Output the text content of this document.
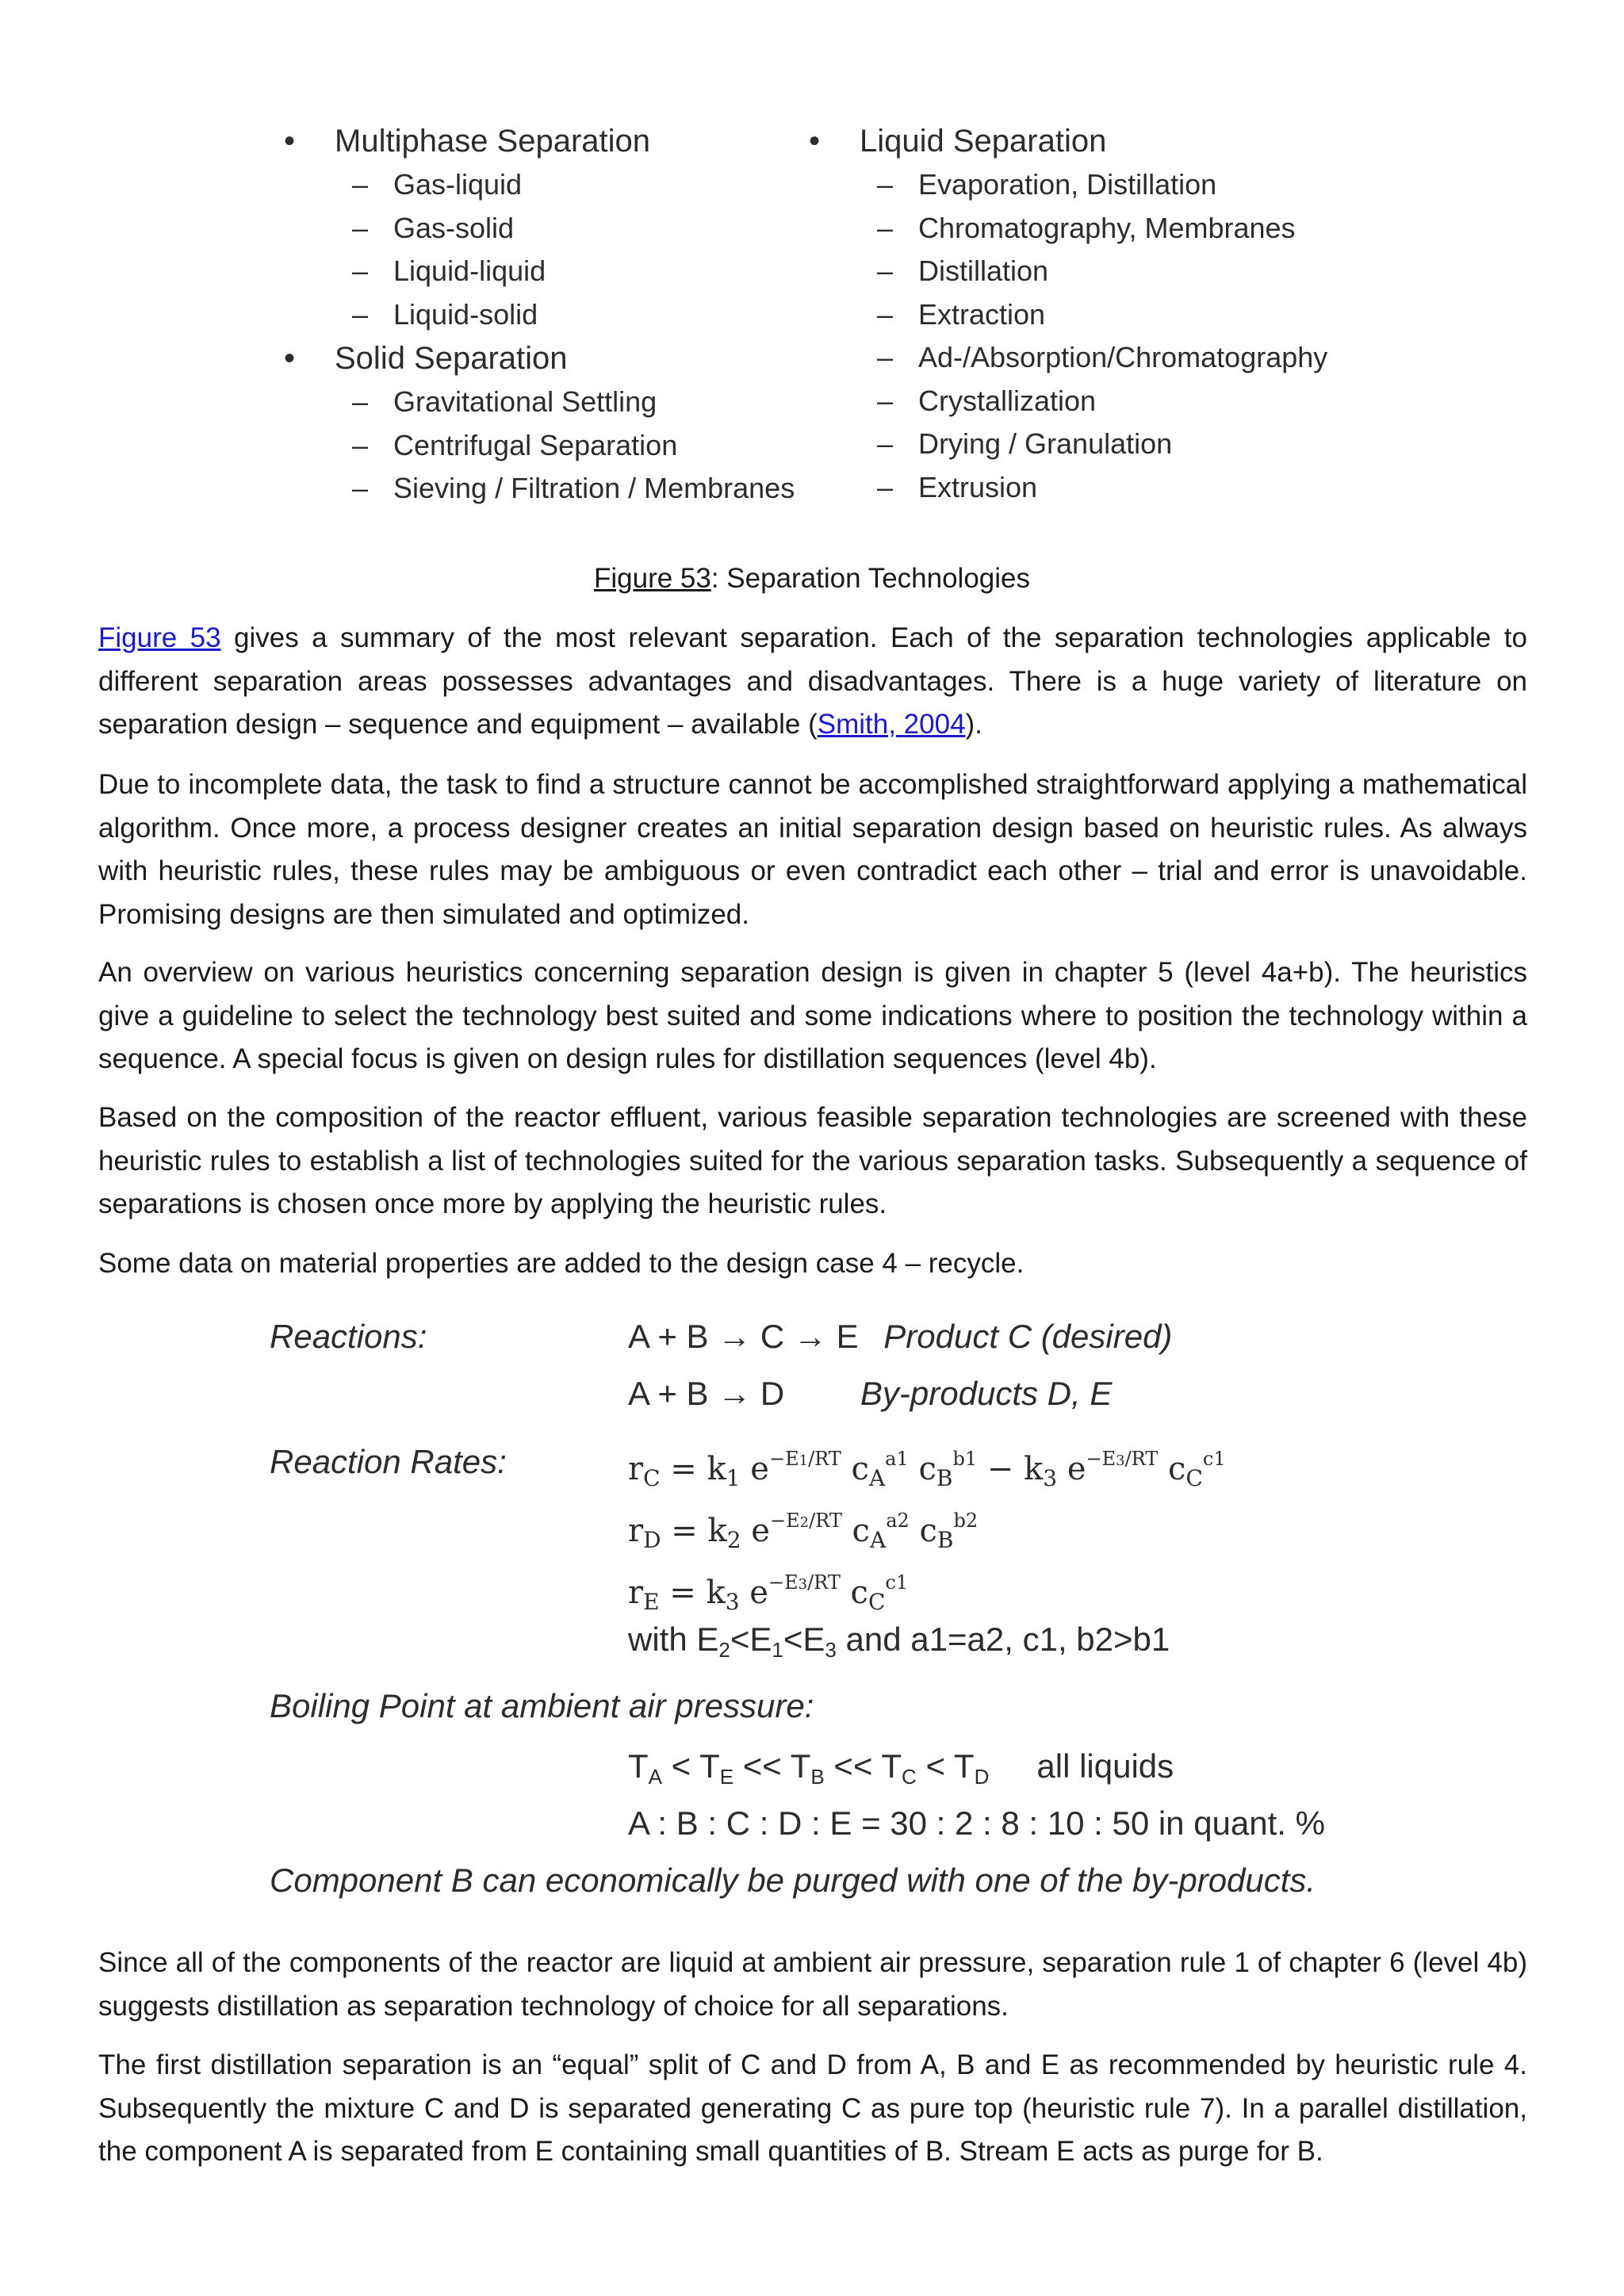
• Multiphase Separation
– Gas-liquid
– Gas-solid
– Liquid-liquid
– Liquid-solid
• Solid Separation
– Gravitational Settling
– Centrifugal Separation
– Sieving / Filtration / Membranes
• Liquid Separation
– Evaporation, Distillation
– Chromatography, Membranes
– Distillation
– Extraction
– Ad-/Absorption/Chromatography
– Crystallization
– Drying / Granulation
– Extrusion
Figure 53: Separation Technologies

Figure 53 gives a summary of the most relevant separation. Each of the separation technologies applicable to different separation areas possesses advantages and disadvantages. There is a huge variety of literature on separation design – sequence and equipment – available (Smith, 2004).

Due to incomplete data, the task to find a structure cannot be accomplished straightforward applying a mathematical algorithm. Once more, a process designer creates an initial separation design based on heuristic rules. As always with heuristic rules, these rules may be ambiguous or even contradict each other – trial and error is unavoidable. Promising designs are then simulated and optimized.

An overview on various heuristics concerning separation design is given in chapter 5 (level 4a+b). The heuristics give a guideline to select the technology best suited and some indications where to position the technology within a sequence. A special focus is given on design rules for distillation sequences (level 4b).

Based on the composition of the reactor effluent, various feasible separation technologies are screened with these heuristic rules to establish a list of technologies suited for the various separation tasks. Subsequently a sequence of separations is chosen once more by applying the heuristic rules.

Some data on material properties are added to the design case 4 – recycle.

Reactions:	A + B → C → E Product C (desired)
A + B → D By-products D, E
Reaction Rates:	$r_C = k_1$ $e^{-E1/RT}$ $c_A^{a1}$ $c_B^{b1} - k_3$ $e^{-E3/RT}$ $c_C^{c1}$
$r_D = k_2$ $e^{-E2/RT}$ $c_A^{a2}$ $c_B^{b2}$
$r_E = k_3$ $e^{-E3/RT}$ $c_C^{c1}$
with E2<E1<E3 and a1=a2, c1, b2>b1
Boiling Point at ambient air pressure:
TA < TE << TB << TC < TD all liquids
A : B : C : D : E = 30 : 2 : 8 : 10 : 50 in quant. %
Component B can economically be purged with one of the by-products.

Since all of the components of the reactor are liquid at ambient air pressure, separation rule 1 of chapter 6 (level 4b) suggests distillation as separation technology of choice for all separations.

The first distillation separation is an “equal” split of C and D from A, B and E as recommended by heuristic rule 4. Subsequently the mixture C and D is separated generating C as pure top (heuristic rule 7). In a parallel distillation, the component A is separated from E containing small quantities of B. Stream E acts as purge for B.
